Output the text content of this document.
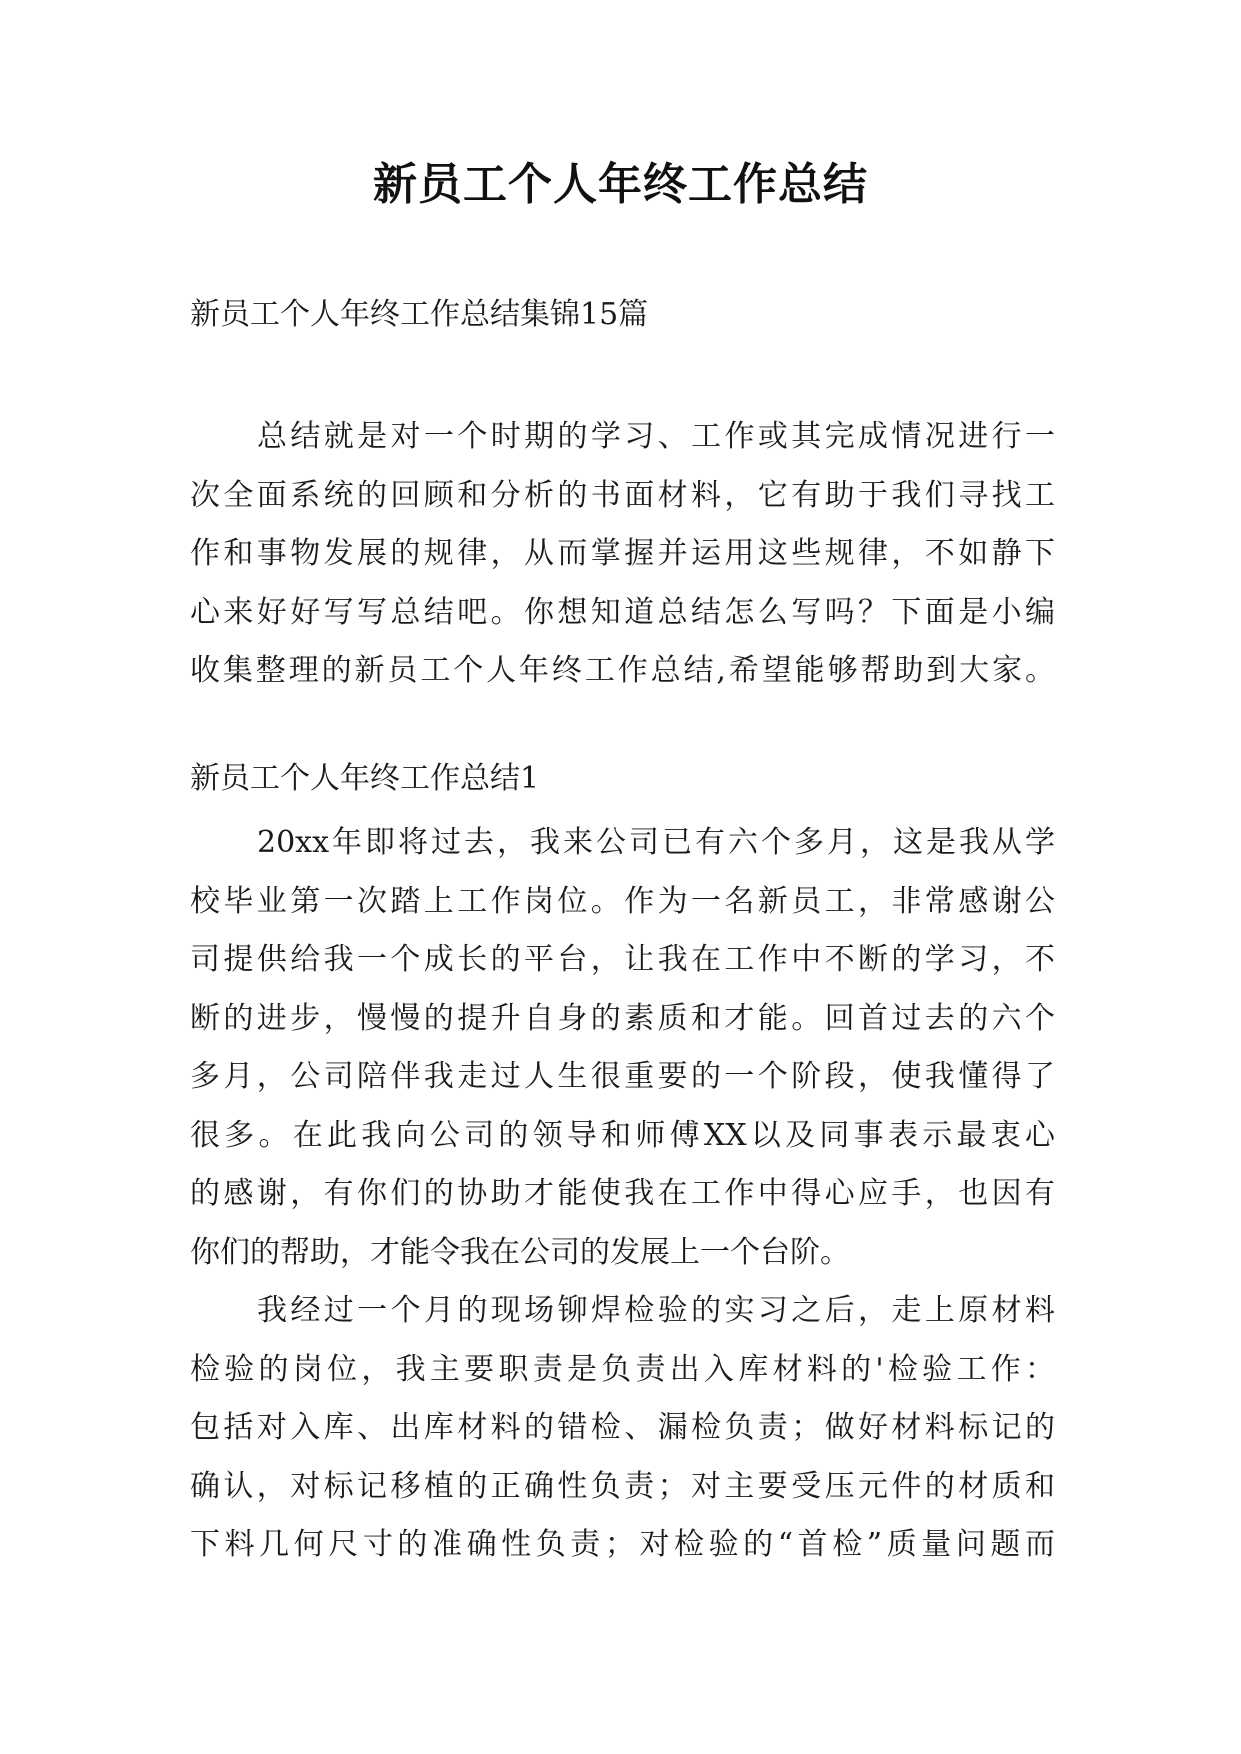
新员工个人年终工作总结
新员工个人年终工作总结集锦15篇
总结就是对一个时期的学习、工作或其完成情况进行一
次全面系统的回顾和分析的书面材料，它有助于我们寻找工
作和事物发展的规律，从而掌握并运用这些规律，不如静下
心来好好写写总结吧。你想知道总结怎么写吗？下面是小编
收集整理的新员工个人年终工作总结,希望能够帮助到大家。
新员工个人年终工作总结1
20xx年即将过去，我来公司已有六个多月，这是我从学
校毕业第一次踏上工作岗位。作为一名新员工，非常感谢公
司提供给我一个成长的平台，让我在工作中不断的学习，不
断的进步，慢慢的提升自身的素质和才能。回首过去的六个
多月，公司陪伴我走过人生很重要的一个阶段，使我懂得了
很多。在此我向公司的领导和师傅XX以及同事表示最衷心
的感谢，有你们的协助才能使我在工作中得心应手，也因有
你们的帮助，才能令我在公司的发展上一个台阶。
我经过一个月的现场铆焊检验的实习之后，走上原材料
检验的岗位，我主要职责是负责出入库材料的'检验工作：
包括对入库、出库材料的错检、漏检负责；做好材料标记的
确认，对标记移植的正确性负责；对主要受压元件的材质和
下料几何尺寸的准确性负责；对检验的“首检”质量问题而
